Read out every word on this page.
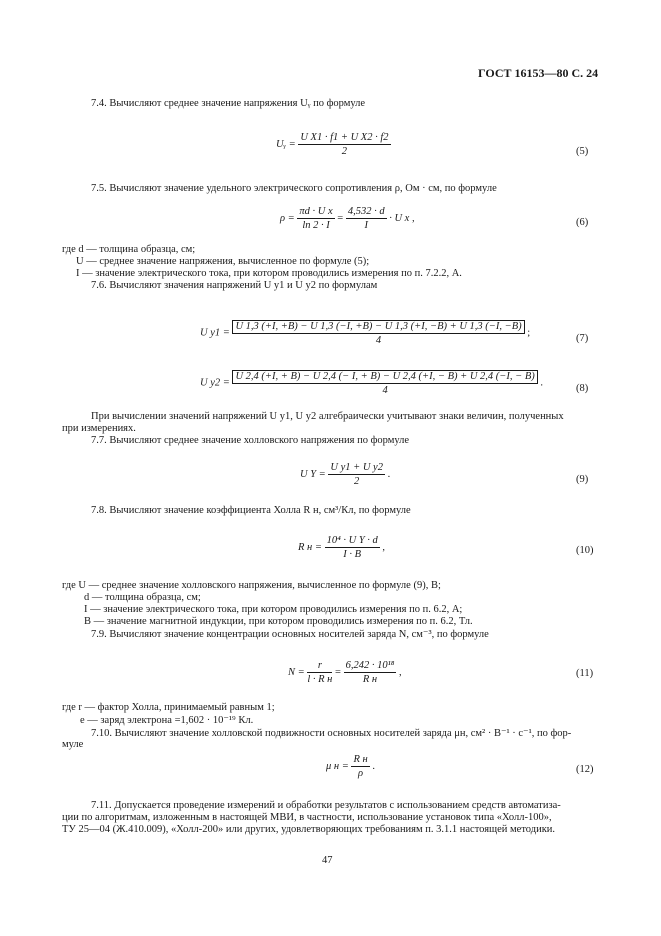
ГОСТ 16153—80 С. 24
7.4. Вычисляют среднее значение напряжения Uᵧ по формуле
Uᵧ = $\frac{\text{U X1 · f1 + U X2 · f2}}{2}$	(5)
7.5. Вычисляют значение удельного электрического сопротивления ρ, Ом · см, по формуле
$\rho = \frac{\text{πd · U x}}{\ln 2 \cdot I} = \frac{4,532 \cdot d}{I} \cdot U$ x ,	(6)
где d — толщина образца, см;
U — среднее значение напряжения, вычисленное по формуле (5);
I — значение электрического тока, при котором проводились измерения по п. 7.2.2, А.
7.6. Вычисляют значения напряжений U y1 и U y2 по формулам
U y1 =
U 1,3 (+I, +B) − U 1,3 (−I, +B) − U 1,3 (+I, −B) + U 1,3 (−I, −B)
4
;
(7)
U y2 =
U 2,4 (+I, + B) − U 2,4 (− I, + B) − U 2,4 (+I, − B) + U 2,4 (−I, − B)
4
.
(8)
При вычислении значений напряжений U y1, U y2 алгебраически учитывают знаки величин, полученных
при измерениях.
7.7. Вычисляют среднее значение холловского напряжения по формуле
U $Y = \frac{\text{U y1 + U y2}}{2}$ .	(9)
7.8. Вычисляют значение коэффициента Холла R н, см³/Кл, по формуле
R $н = \frac{\text{10⁴ · U Y · d}}{I \cdot B}$ ,	(10)
где U — среднее значение холловского напряжения, вычисленное по формуле (9), В;
d — толщина образца, см;
I — значение электрического тока, при котором проводились измерения по п. 6.2, А;
B — значение магнитной индукции, при котором проводились измерения по п. 6.2, Тл.
7.9. Вычисляют значение концентрации основных носителей заряда N, см⁻³, по формуле
$N = \frac{r}{\text{l · R н}} = \frac{\text{6,242 · 10¹⁸}}{\text{R н}}$ ,	(11)
где r — фактор Холла, принимаемый равным 1;
e — заряд электрона =1,602 · 10⁻¹⁹ Кл.
7.10. Вычисляют значение холловской подвижности основных носителей заряда μн, см² · В⁻¹ · с⁻¹, по фор-
муле
μ $н = \frac{\text{R н}}{\rho}$ .	(12)
7.11. Допускается проведение измерений и обработки результатов с использованием средств автоматиза-
ции по алгоритмам, изложенным в настоящей МВИ, в частности, использование установок типа «Холл-100»,
ТУ 25—04 (Ж.410.009), «Холл-200» или других, удовлетворяющих требованиям п. 3.1.1 настоящей методики.
47
